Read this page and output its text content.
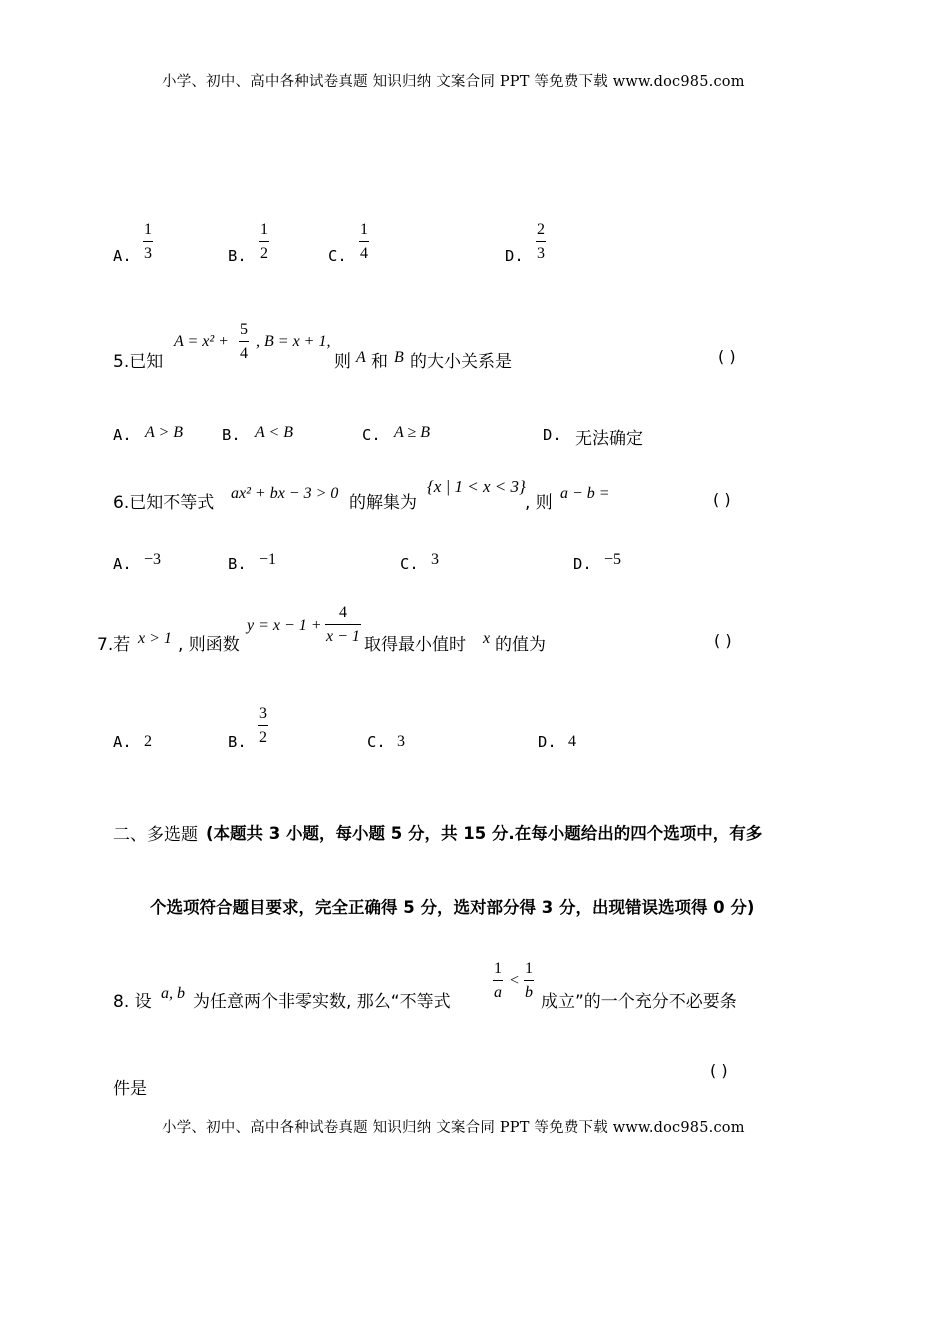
小学、初中、高中各种试卷真题 知识归纳 文案合同 PPT 等免费下载 www.doc985.com
小学、初中、高中各种试卷真题 知识归纳 文案合同 PPT 等免费下载 www.doc985.com
A. $\frac{1}{3}$	B. $\frac{1}{2}$	C. $\frac{1}{4}$	D. $\frac{2}{3}$
5.已知
$A = x^2 + \frac{5}{4}$ , B = x + 1,
则 A 和 B 的大小关系是	( )
A. A > B	B. A < B	C. A ≥ B	D. 无法确定
6.已知不等式 ax² + bx − 3 > 0 的解集为
{x | 1 < x < 3}
, 则 a − b =	( )
A. −3	B. −1	C. 3	D. −5
7.若 x > 1 , 则函数
$y = x - 1 + \frac{4}{x - 1}$ 取得最小值时 x 的值为	( )
A. 2	B. $\frac{3}{2}$	C. 3	D. 4
二、多选题 (本题共 3 小题，每小题 5 分，共 15 分.在每小题给出的四个选项中，有多
个选项符合题目要求，完全正确得 5 分，选对部分得 3 分，出现错误选项得 0 分)
8. 设 a, b 为任意两个非零实数, 那么“不等式
$\frac{1}{a} < \frac{1}{b}$
成立”的一个充分不必要条
( )
件是
